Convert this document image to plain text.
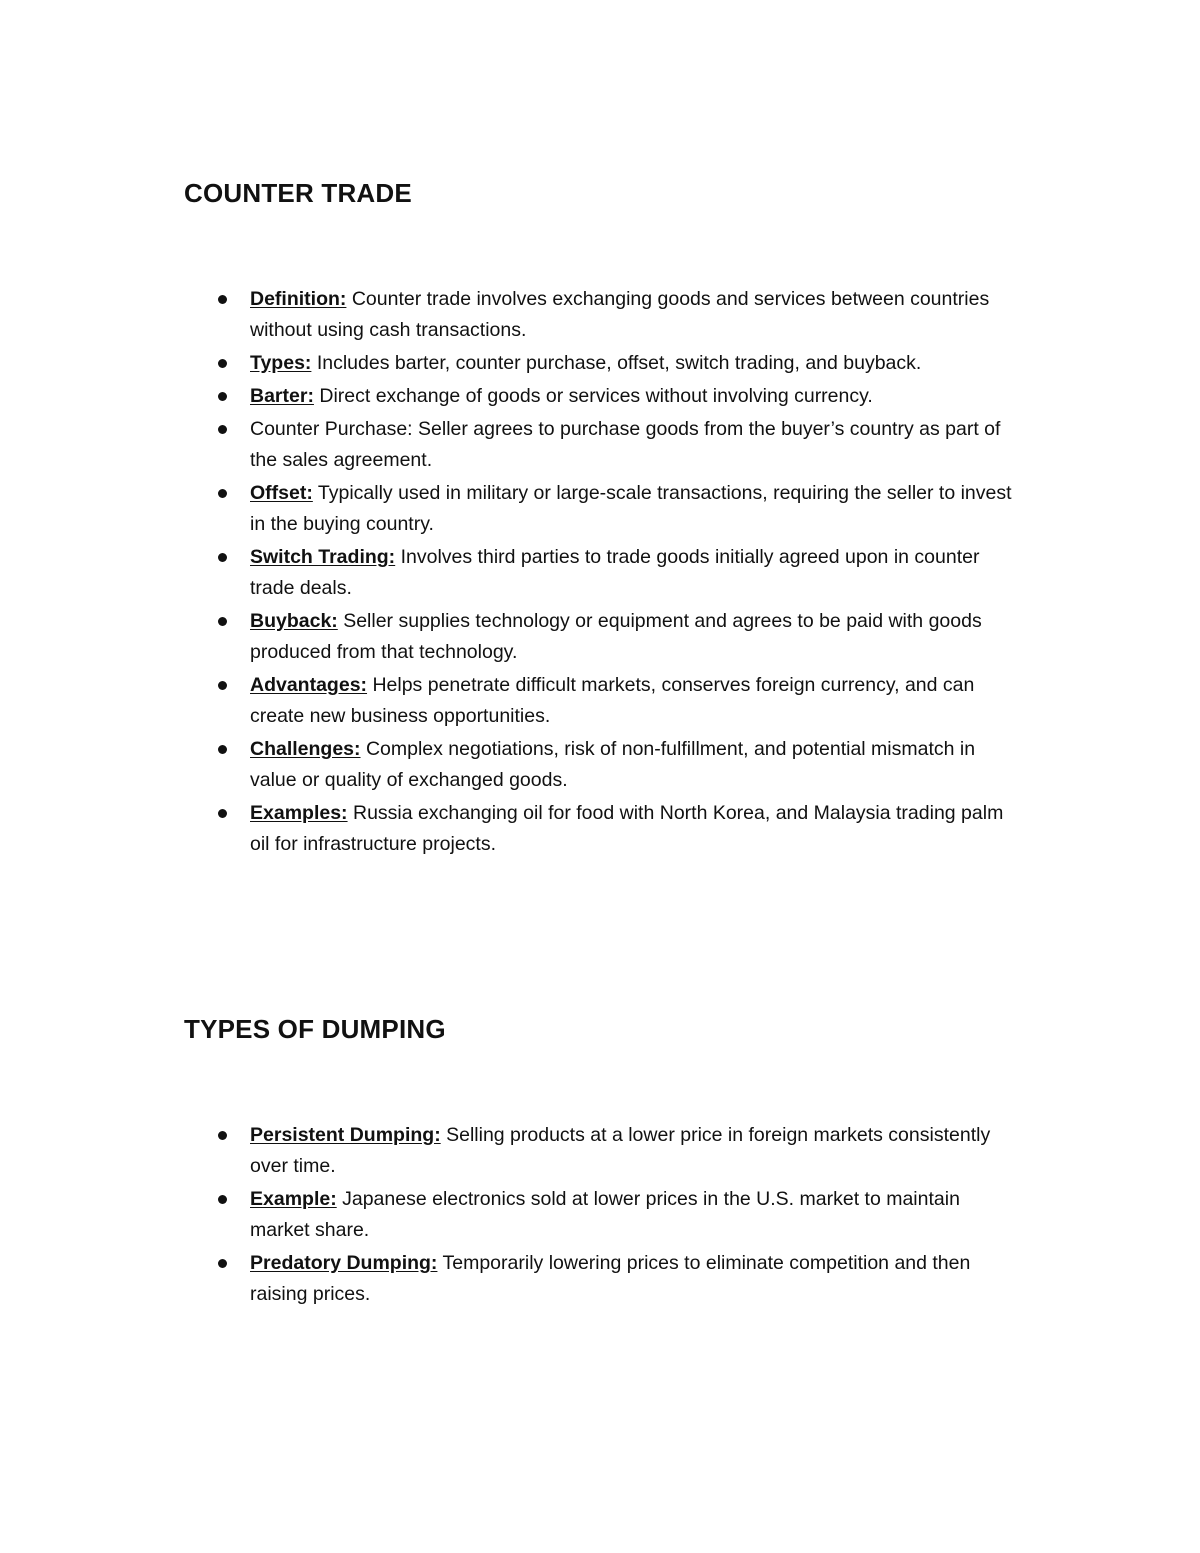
COUNTER TRADE
Definition: Counter trade involves exchanging goods and services between countries without using cash transactions.
Types: Includes barter, counter purchase, offset, switch trading, and buyback.
Barter: Direct exchange of goods or services without involving currency.
Counter Purchase: Seller agrees to purchase goods from the buyer’s country as part of the sales agreement.
Offset: Typically used in military or large-scale transactions, requiring the seller to invest in the buying country.
Switch Trading: Involves third parties to trade goods initially agreed upon in counter trade deals.
Buyback: Seller supplies technology or equipment and agrees to be paid with goods produced from that technology.
Advantages: Helps penetrate difficult markets, conserves foreign currency, and can create new business opportunities.
Challenges: Complex negotiations, risk of non-fulfillment, and potential mismatch in value or quality of exchanged goods.
Examples: Russia exchanging oil for food with North Korea, and Malaysia trading palm oil for infrastructure projects.
TYPES OF DUMPING
Persistent Dumping: Selling products at a lower price in foreign markets consistently over time.
Example: Japanese electronics sold at lower prices in the U.S. market to maintain market share.
Predatory Dumping: Temporarily lowering prices to eliminate competition and then raising prices.
